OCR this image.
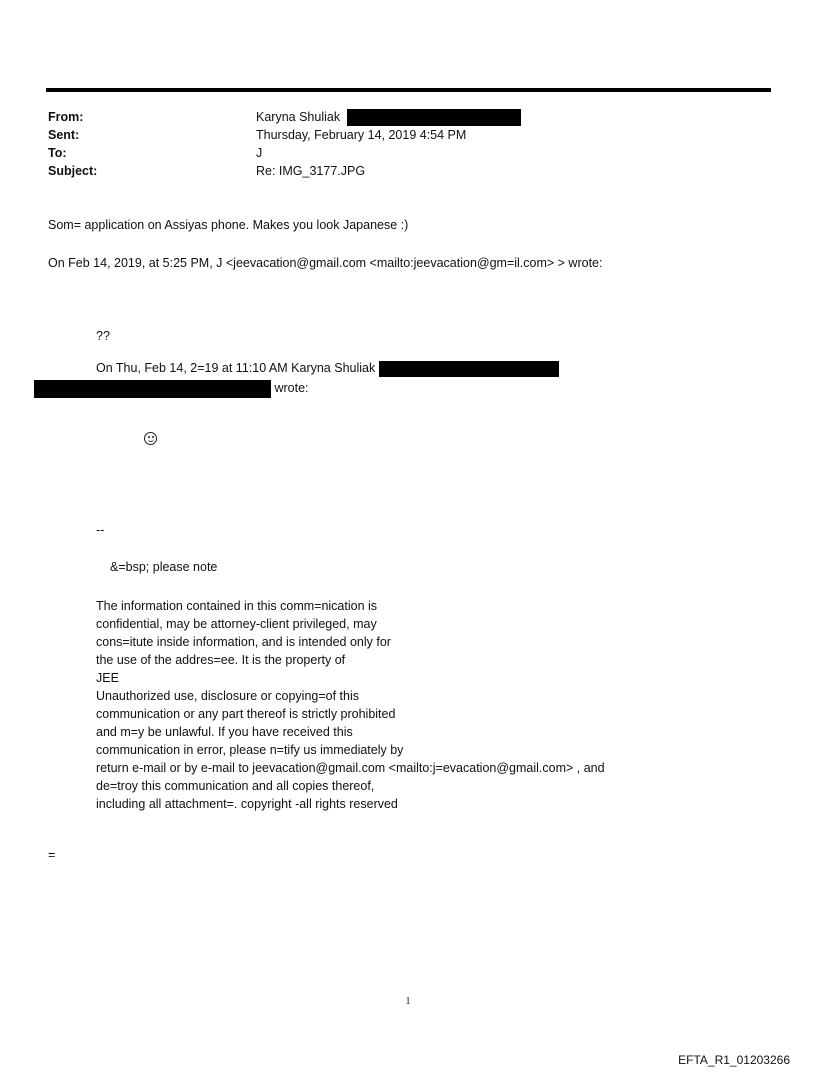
From:	Karyna Shuliak
Sent:	Thursday, February 14, 2019 4:54 PM
To:	J
Subject:	Re: IMG_3177.JPG
Som= application on Assiyas phone. Makes you look Japanese :)
On Feb 14, 2019, at 5:25 PM, J <jeevacation@gmail.com <mailto:jeevacation@gm=il.com> > wrote:
??
On Thu, Feb 14, 2=19 at 11:10 AM Karyna Shuliak
wrote:
--
&=bsp; please note
The information contained in this comm=nication is
confidential, may be attorney-client privileged, may
cons=itute inside information, and is intended only for
the use of the addres=ee. It is the property of
JEE
Unauthorized use, disclosure or copying=of this
communication or any part thereof is strictly prohibited
and m=y be unlawful. If you have received this
communication in error, please n=tify us immediately by
return e-mail or by e-mail to jeevacation@gmail.com <mailto:j=evacation@gmail.com> , and
de=troy this communication and all copies thereof,
including all attachment=. copyright -all rights reserved
=
1
EFTA_R1_01203266
